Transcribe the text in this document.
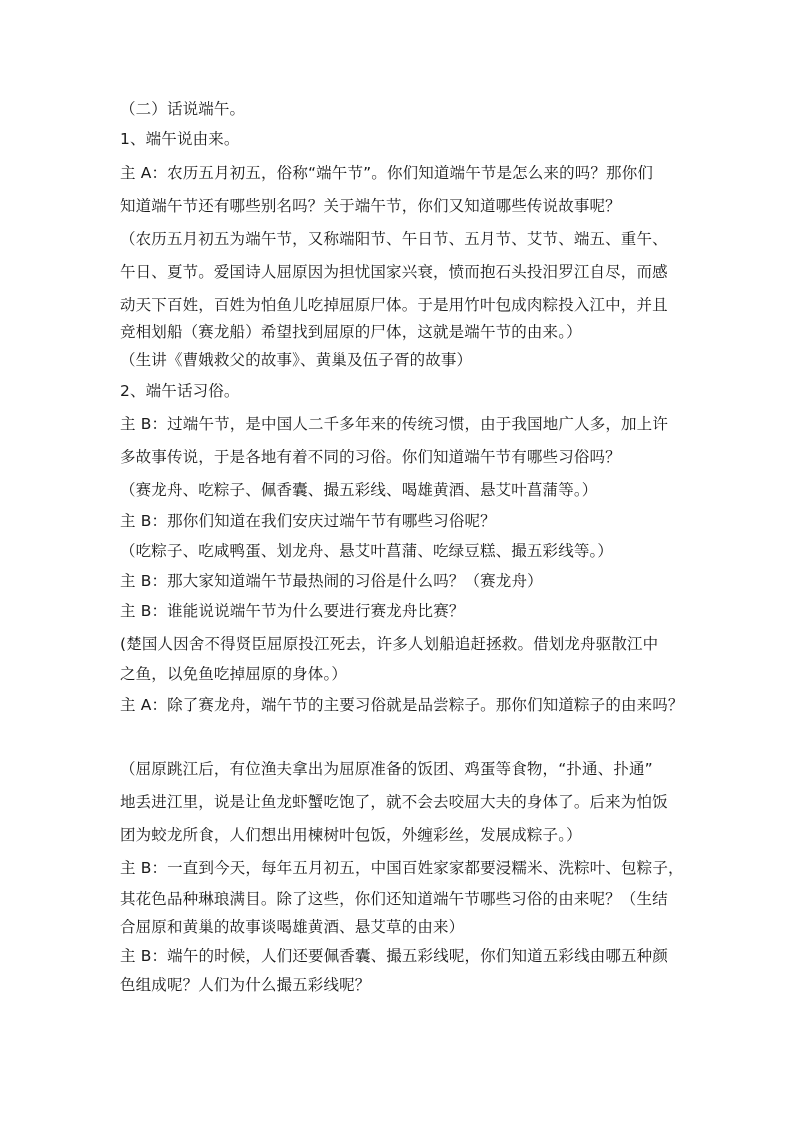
（二）话说端午。
1、端午说由来。
主 A：农历五月初五，俗称“端午节”。你们知道端午节是怎么来的吗？那你们
知道端午节还有哪些别名吗？关于端午节，你们又知道哪些传说故事呢？
（农历五月初五为端午节，又称端阳节、午日节、五月节、艾节、端五、重午、
午日、夏节。爱国诗人屈原因为担忧国家兴衰，愤而抱石头投汨罗江自尽，而感
动天下百姓，百姓为怕鱼儿吃掉屈原尸体。于是用竹叶包成肉粽投入江中，并且
竞相划船（赛龙船）希望找到屈原的尸体，这就是端午节的由来。）
（生讲《曹娥救父的故事》、黄巢及伍子胥的故事）
2、端午话习俗。
主 B：过端午节，是中国人二千多年来的传统习惯，由于我国地广人多，加上许
多故事传说，于是各地有着不同的习俗。你们知道端午节有哪些习俗吗？
（赛龙舟、吃粽子、佩香囊、撮五彩线、喝雄黄酒、悬艾叶菖蒲等。）
主 B：那你们知道在我们安庆过端午节有哪些习俗呢？
（吃粽子、吃咸鸭蛋、划龙舟、悬艾叶菖蒲、吃绿豆糕、撮五彩线等。）
主 B：那大家知道端午节最热闹的习俗是什么吗？（赛龙舟）
主 B：谁能说说端午节为什么要进行赛龙舟比赛？
(楚国人因舍不得贤臣屈原投江死去，许多人划船追赶拯救。借划龙舟驱散江中
之鱼，以免鱼吃掉屈原的身体。）
主 A：除了赛龙舟，端午节的主要习俗就是品尝粽子。那你们知道粽子的由来吗？
（屈原跳江后，有位渔夫拿出为屈原准备的饭团、鸡蛋等食物，“扑通、扑通”
地丢进江里，说是让鱼龙虾蟹吃饱了，就不会去咬屈大夫的身体了。后来为怕饭
团为蛟龙所食，人们想出用楝树叶包饭，外缠彩丝，发展成粽子。）
主 B：一直到今天，每年五月初五，中国百姓家家都要浸糯米、洗粽叶、包粽子，
其花色品种琳琅满目。除了这些，你们还知道端午节哪些习俗的由来呢？（生结
合屈原和黄巢的故事谈喝雄黄酒、悬艾草的由来）
主 B：端午的时候，人们还要佩香囊、撮五彩线呢，你们知道五彩线由哪五种颜
色组成呢？人们为什么撮五彩线呢？
